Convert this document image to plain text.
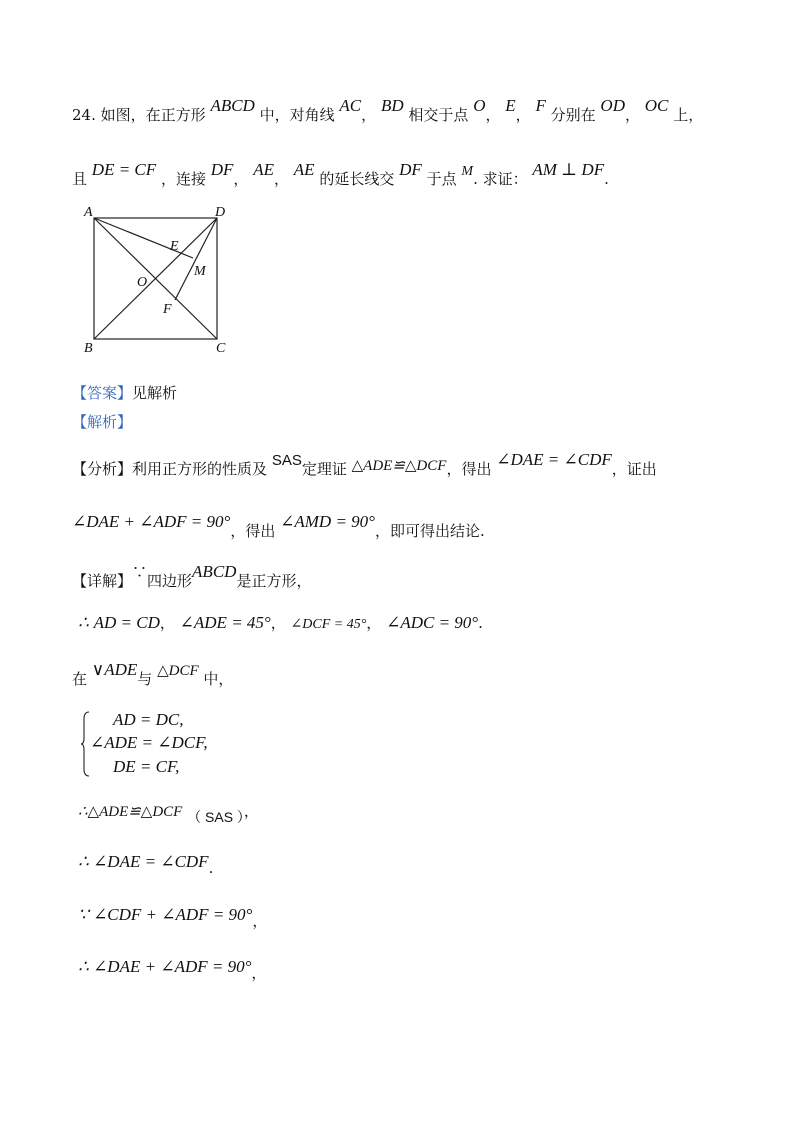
24. 如图，在正方形 ABCD 中，对角线 AC， BD 相交于点 O， E， F 分别在 OD， OC 上，
且 DE = CF ，连接 DF， AE， AE 的延长线交 DF 于点 M. 求证： AM ⊥ DF.
A	D
B	C
E
M
O
F
【答案】见解析
【解析】
【分析】利用正方形的性质及 SAS定理证 △ADE≌△DCF，得出 ∠DAE = ∠CDF，证出
∠DAE + ∠ADF = 90°，得出 ∠AMD = 90°，即可得出结论.
【详解】∵四边形ABCD是正方形，
∴ AD = CD， ∠ADE = 45°， ∠DCF = 45°， ∠ADC = 90°.
在 ∨ADE与 △DCF 中，
AD = DC,
∠ADE = ∠DCF,
DE = CF,
∴△ADE≌△DCF （ SAS ），
∴ ∠DAE = ∠CDF.
∵ ∠CDF + ∠ADF = 90°，
∴ ∠DAE + ∠ADF = 90°，
